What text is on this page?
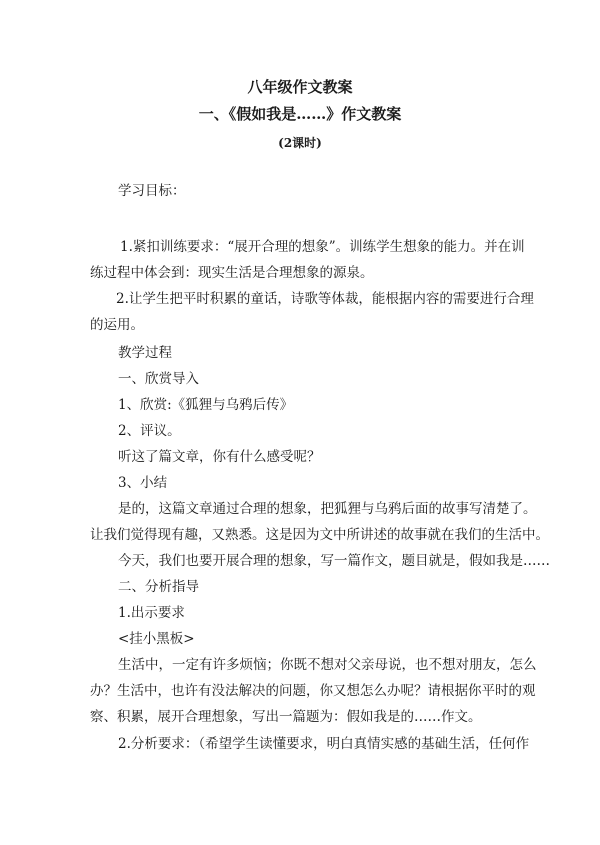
八年级作文教案
一、《假如我是……》作文教案
(2课时)
学习目标：
1.紧扣训练要求：“展开合理的想象”。训练学生想象的能力。并在训
练过程中体会到：现实生活是合理想象的源泉。
2.让学生把平时积累的童话，诗歌等体裁，能根据内容的需要进行合理
的运用。
教学过程
一、欣赏导入
1、欣赏:《狐狸与乌鸦后传》
2、评议。
听这了篇文章，你有什么感受呢？
3、小结
是的，这篇文章通过合理的想象，把狐狸与乌鸦后面的故事写清楚了。
让我们觉得现有趣，又熟悉。这是因为文中所讲述的故事就在我们的生活中。
今天，我们也要开展合理的想象，写一篇作文，题目就是，假如我是……
二、分析指导
1.出示要求
<挂小黑板>
生活中，一定有许多烦恼；你既不想对父亲母说，也不想对朋友，怎么
办？生活中，也许有没法解决的问题，你又想怎么办呢？请根据你平时的观
察、积累，展开合理想象，写出一篇题为：假如我是的……作文。
2.分析要求：（希望学生读懂要求，明白真情实感的基础生活，任何作
